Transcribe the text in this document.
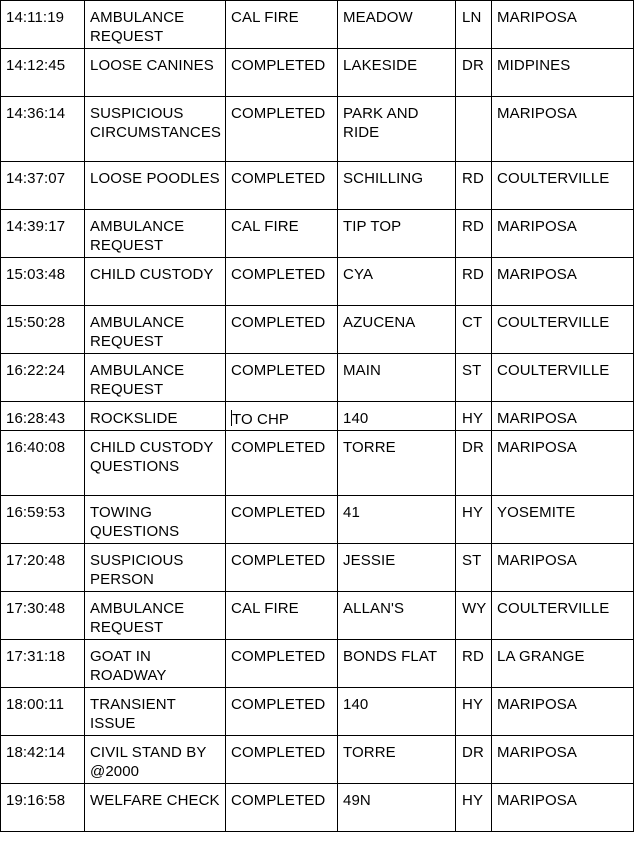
14:11:19	AMBULANCE REQUEST	CAL FIRE	MEADOW	LN	MARIPOSA
14:12:45	LOOSE CANINES	COMPLETED	LAKESIDE	DR	MIDPINES
14:36:14	SUSPICIOUS CIRCUMSTANCES	COMPLETED	PARK AND RIDE		MARIPOSA
14:37:07	LOOSE POODLES	COMPLETED	SCHILLING	RD	COULTERVILLE
14:39:17	AMBULANCE REQUEST	CAL FIRE	TIP TOP	RD	MARIPOSA
15:03:48	CHILD CUSTODY	COMPLETED	CYA	RD	MARIPOSA
15:50:28	AMBULANCE REQUEST	COMPLETED	AZUCENA	CT	COULTERVILLE
16:22:24	AMBULANCE REQUEST	COMPLETED	MAIN	ST	COULTERVILLE
16:28:43	ROCKSLIDE	TO CHP	140	HY	MARIPOSA
16:40:08	CHILD CUSTODY QUESTIONS	COMPLETED	TORRE	DR	MARIPOSA
16:59:53	TOWING QUESTIONS	COMPLETED	41	HY	YOSEMITE
17:20:48	SUSPICIOUS PERSON	COMPLETED	JESSIE	ST	MARIPOSA
17:30:48	AMBULANCE REQUEST	CAL FIRE	ALLAN'S	WY	COULTERVILLE
17:31:18	GOAT IN ROADWAY	COMPLETED	BONDS FLAT	RD	LA GRANGE
18:00:11	TRANSIENT ISSUE	COMPLETED	140	HY	MARIPOSA
18:42:14	CIVIL STAND BY @2000	COMPLETED	TORRE	DR	MARIPOSA
19:16:58	WELFARE CHECK	COMPLETED	49N	HY	MARIPOSA
